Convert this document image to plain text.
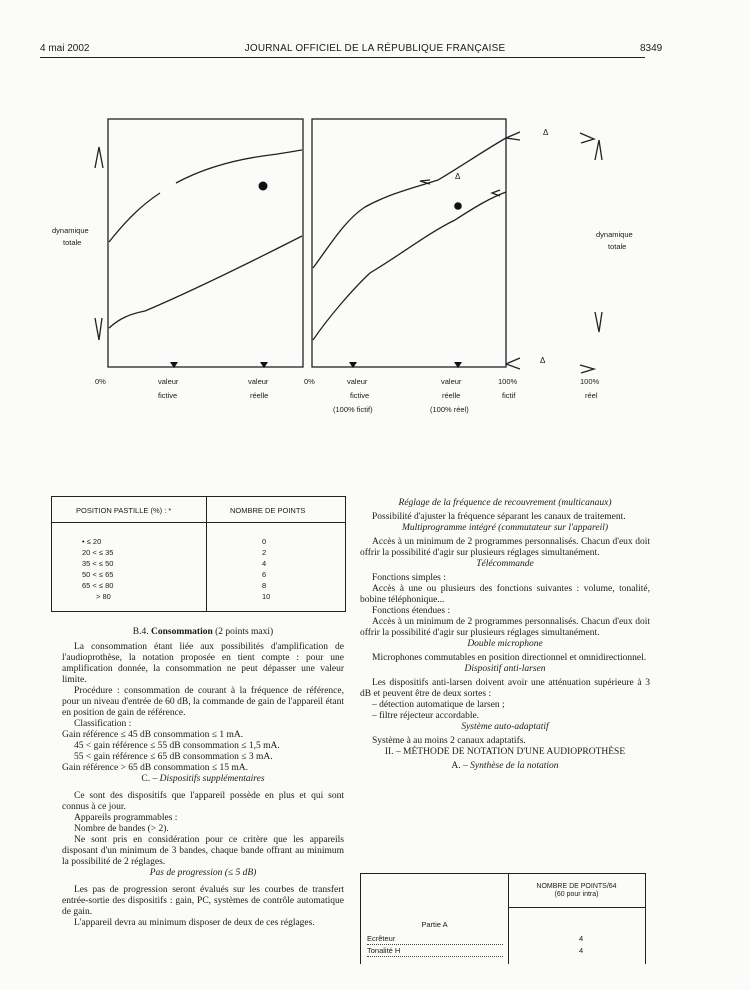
4 mai 2002	JOURNAL OFFICIEL DE LA RÉPUBLIQUE FRANÇAISE	8349
dynamique
totale
dynamique
totale
Δ
Δ
Δ
0%	valeur
fictive
valeur
réelle
0%	valeur
fictive
(100% fictif)
valeur
réelle
(100% réel)
100%
fictif
100%
réel
POSITION PASTILLE (%) : *	NOMBRE DE POINTS
• ≤ 20	0
20 < ≤ 35	2
35 < ≤ 50	4
50 < ≤ 65	6
65 < ≤ 80	8
> 80	10

B.4. Consommation (2 points maxi)

La consommation étant liée aux possibilités d'amplification de l'audioprothèse, la notation proposée en tient compte : pour une amplification donnée, la consommation ne peut dépasser une valeur limite.

Procédure : consommation de courant à la fréquence de référence, pour un niveau d'entrée de 60 dB, la commande de gain de l'appareil étant en position de gain de référence.

Classification :

Gain référence ≤ 45 dB consommation ≤ 1 mA.

45 < gain référence ≤ 55 dB consommation ≤ 1,5 mA.

55 < gain référence ≤ 65 dB consommation ≤ 3 mA.

Gain référence > 65 dB consommation ≤ 15 mA.

C. – Dispositifs supplémentaires

Ce sont des dispositifs que l'appareil possède en plus et qui sont connus à ce jour.

Appareils programmables :

Nombre de bandes (> 2).

Ne sont pris en considération pour ce critère que les appareils disposant d'un minimum de 3 bandes, chaque bande offrant au minimum la possibilité de 2 réglages.

Pas de progression (≤ 5 dB)

Les pas de progression seront évalués sur les courbes de transfert entrée-sortie des dispositifs : gain, PC, systèmes de contrôle automatique de gain.

L'appareil devra au minimum disposer de deux de ces réglages.

Réglage de la fréquence de recouvrement (multicanaux)

Possibilité d'ajuster la fréquence séparant les canaux de traitement.

Multiprogramme intégré (commutateur sur l'appareil)

Accès à un minimum de 2 programmes personnalisés. Chacun d'eux doit offrir la possibilité d'agir sur plusieurs réglages simultanément.

Télécommande

Fonctions simples :

Accès à une ou plusieurs des fonctions suivantes : volume, tonalité, bobine téléphonique...

Fonctions étendues :

Accès à un minimum de 2 programmes personnalisés. Chacun d'eux doit offrir la possibilité d'agir sur plusieurs réglages simultanément.

Double microphone

Microphones commutables en position directionnel et omnidirectionnel.

Dispositif anti-larsen

Les dispositifs anti-larsen doivent avoir une atténuation supérieure à 3 dB et peuvent être de deux sortes :

– détection automatique de larsen ;

– filtre réjecteur accordable.

Système auto-adaptatif

Système à au moins 2 canaux adaptatifs.

II. – MÉTHODE DE NOTATION D'UNE AUDIOPROTHÈSE

A. – Synthèse de la notation

NOMBRE DE POINTS/64
(60 pour intra)
Partie A
Ecrêteur	4
Tonalité H	4
